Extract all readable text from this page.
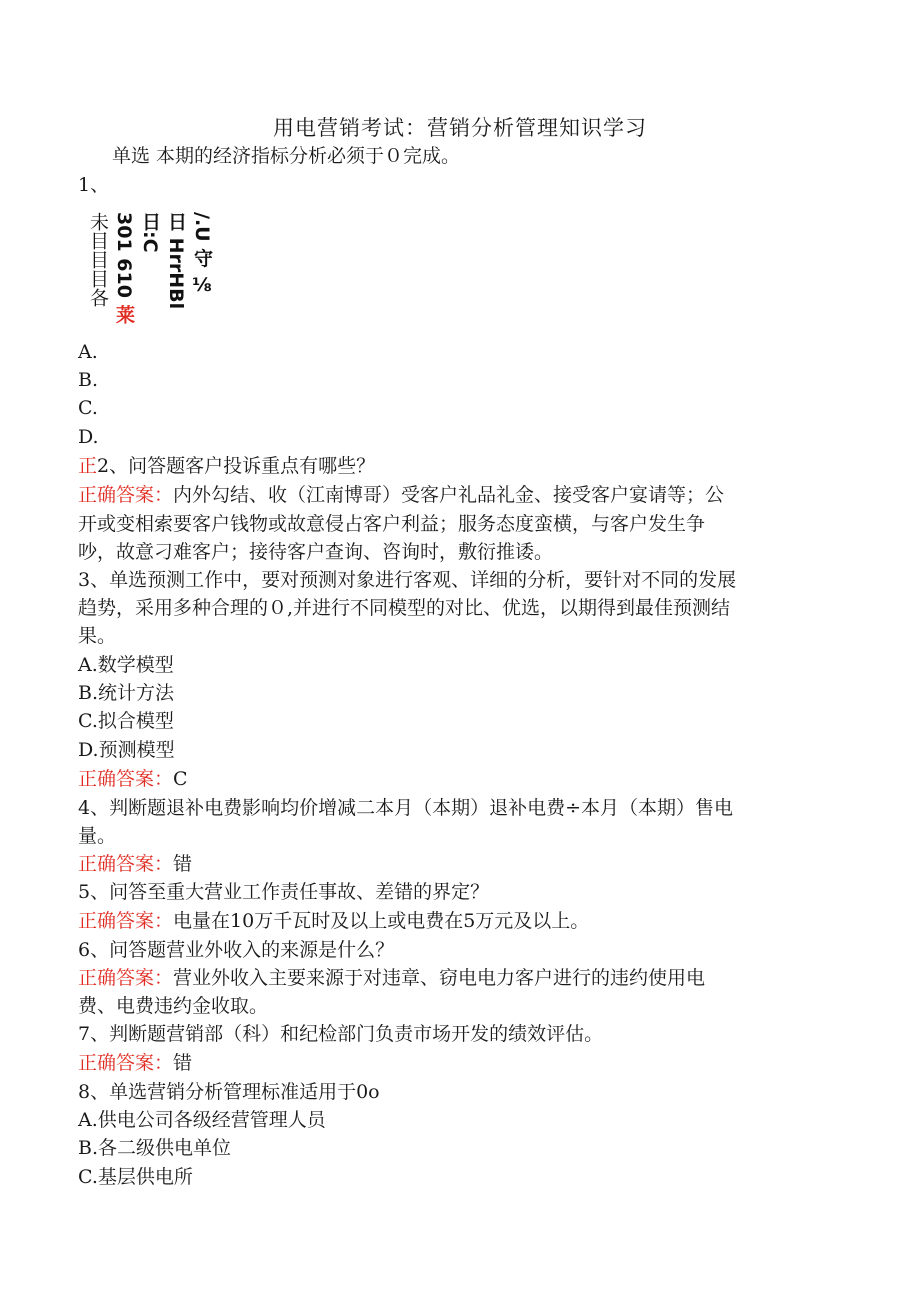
用电营销考试：营销分析管理知识学习
单选 本期的经济指标分析必须于０完成。
1、
/.U 守 ⅛
日 HrrHBl
日:C
301 610 莱
未目目目各
A.
B.
C.
D.
正2、问答题客户投诉重点有哪些？
正确答案：内外勾结、收（江南博哥）受客户礼品礼金、接受客户宴请等；公
开或变相索要客户钱物或故意侵占客户利益；服务态度蛮横，与客户发生争
吵，故意刁难客户；接待客户查询、咨询时，敷衍推诿。
3、单选预测工作中，要对预测对象进行客观、详细的分析，要针对不同的发展
趋势，采用多种合理的０,并进行不同模型的对比、优选，以期得到最佳预测结
果。
A.数学模型
B.统计方法
C.拟合模型
D.预测模型
正确答案：C
4、判断题退补电费影响均价增减二本月（本期）退补电费÷本月（本期）售电
量。
正确答案：错
5、问答至重大营业工作责任事故、差错的界定？
正确答案：电量在10万千瓦时及以上或电费在5万元及以上。
6、问答题营业外收入的来源是什么？
正确答案：营业外收入主要来源于对违章、窃电电力客户进行的违约使用电
费、电费违约金收取。
7、判断题营销部（科）和纪检部门负责市场开发的绩效评估。
正确答案：错
8、单选营销分析管理标准适用于0o
A.供电公司各级经营管理人员
B.各二级供电单位
C.基层供电所
